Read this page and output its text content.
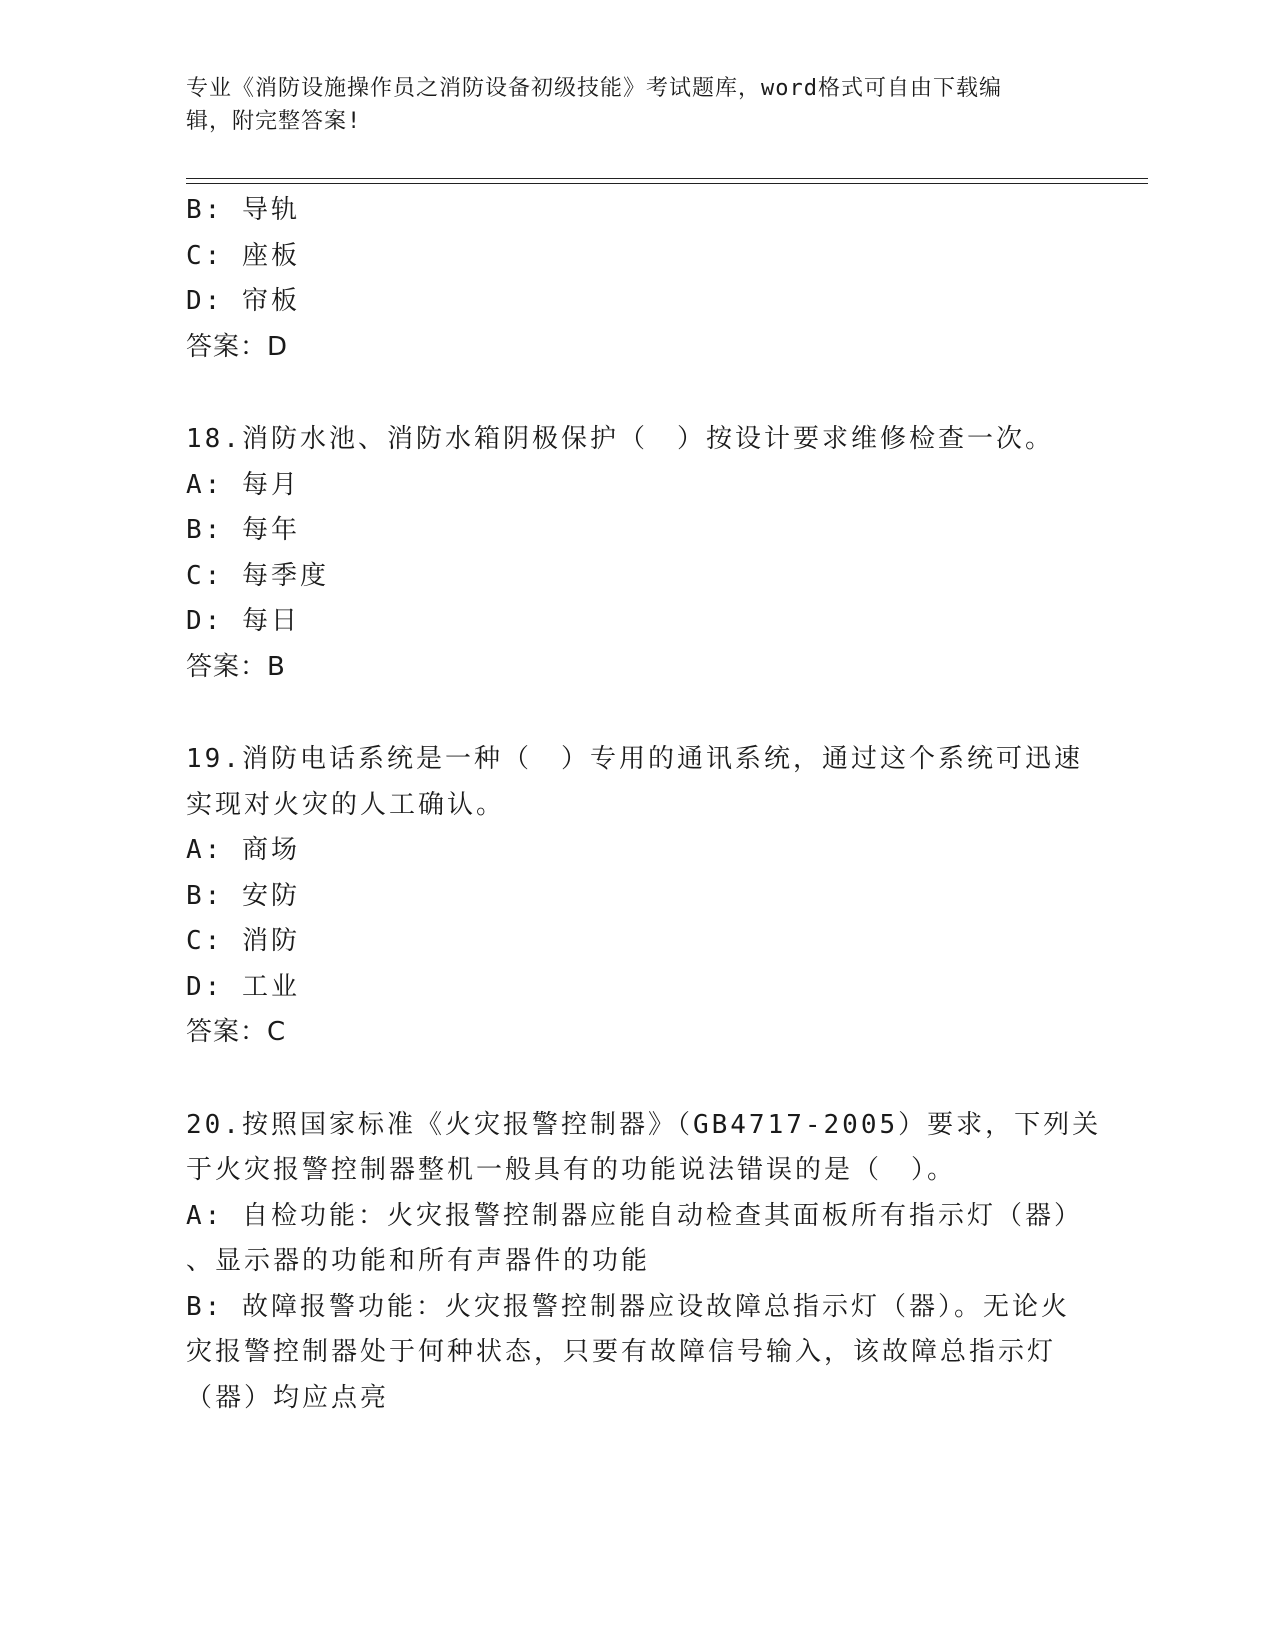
专业《消防设施操作员之消防设备初级技能》考试题库，word格式可自由下载编
辑，附完整答案!
B: 导轨
C: 座板
D: 帘板
答案：D
18.消防水池、消防水箱阴极保护（　）按设计要求维修检查一次。
A: 每月
B: 每年
C: 每季度
D: 每日
答案：B
19.消防电话系统是一种（　）专用的通讯系统，通过这个系统可迅速
实现对火灾的人工确认。
A: 商场
B: 安防
C: 消防
D: 工业
答案：C
20.按照国家标准《火灾报警控制器》（GB4717-2005）要求，下列关
于火灾报警控制器整机一般具有的功能说法错误的是（　）。
A: 自检功能：火灾报警控制器应能自动检查其面板所有指示灯（器）
、显示器的功能和所有声器件的功能
B: 故障报警功能：火灾报警控制器应设故障总指示灯（器）。无论火
灾报警控制器处于何种状态，只要有故障信号输入，该故障总指示灯
（器）均应点亮
